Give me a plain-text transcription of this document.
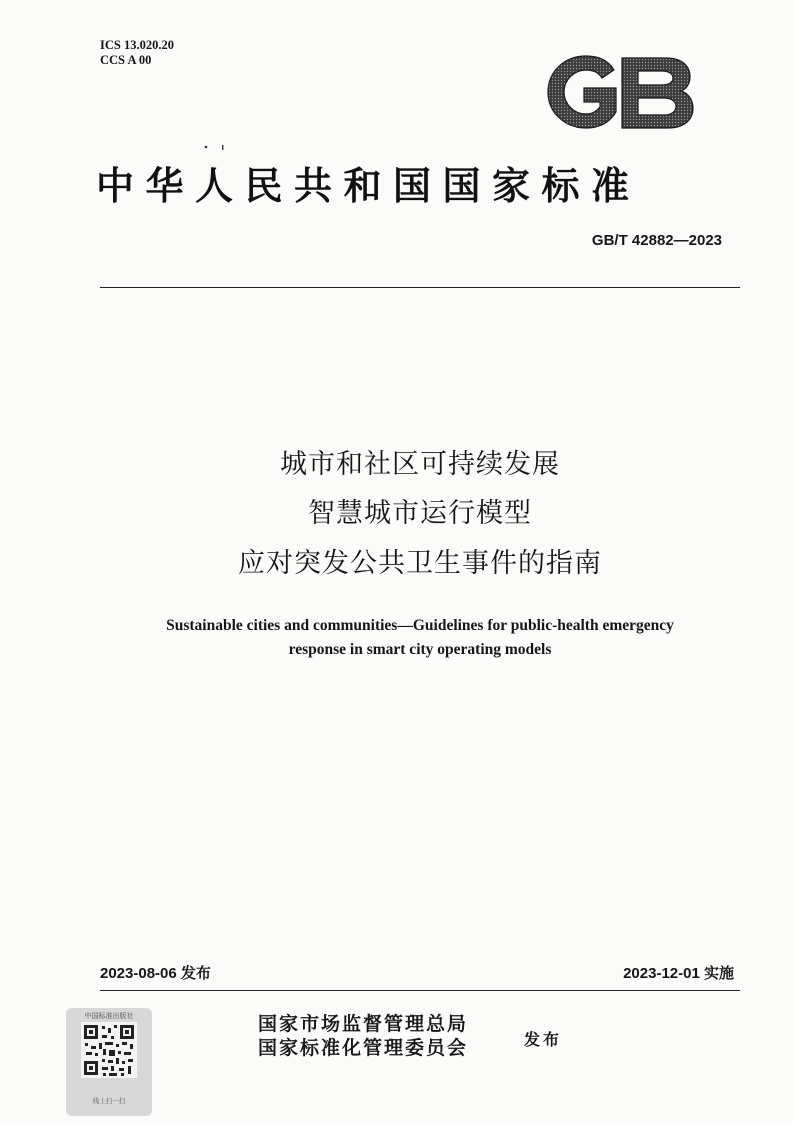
ICS 13.020.20
CCS A 00
中华人民共和国国家标准
GB/T 42882—2023
城市和社区可持续发展
智慧城市运行模型
应对突发公共卫生事件的指南
Sustainable cities and communities—Guidelines for public-health emergency
response in smart city operating models
2023-08-06 发布	2023-12-01 实施
中国标准出版社
线上扫一扫
国家市场监督管理总局
国家标准化管理委员会	发布
